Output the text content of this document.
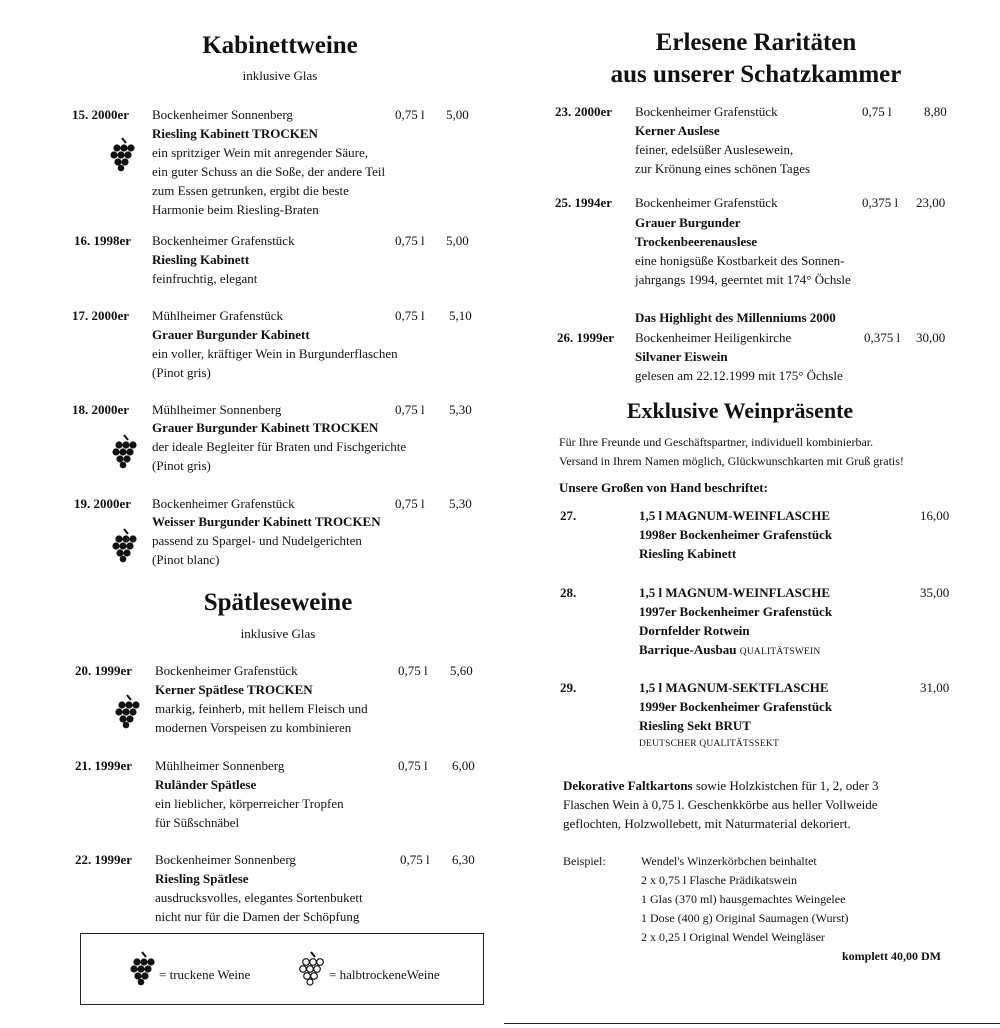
Kabinettweine
inklusive Glas
15. 2000er Bockenheimer Sonnenberg	0,75 l 5,00
Riesling Kabinett TROCKEN
ein spritziger Wein mit anregender Säure,
ein guter Schuss an die Soße, der andere Teil
zum Essen getrunken, ergibt die beste
Harmonie beim Riesling-Braten
16. 1998er Bockenheimer Grafenstück	0,75 l 5,00
Riesling Kabinett
feinfruchtig, elegant
17. 2000er Mühlheimer Grafenstück	0,75 l 5,10
Grauer Burgunder Kabinett
ein voller, kräftiger Wein in Burgunderflaschen
(Pinot gris)
18. 2000er Mühlheimer Sonnenberg	0,75 l 5,30
Grauer Burgunder Kabinett TROCKEN
der ideale Begleiter für Braten und Fischgerichte
(Pinot gris)
19. 2000er Bockenheimer Grafenstück	0,75 l 5,30
Weisser Burgunder Kabinett TROCKEN
passend zu Spargel- und Nudelgerichten
(Pinot blanc)
Spätleseweine
inklusive Glas
20. 1999er Bockenheimer Grafenstück	0,75 l 5,60
Kerner Spätlese TROCKEN
markig, feinherb, mit hellem Fleisch und
modernen Vorspeisen zu kombinieren
21. 1999er Mühlheimer Sonnenberg	0,75 l 6,00
Ruländer Spätlese
ein lieblicher, körperreicher Tropfen
für Süßschnäbel
22. 1999er Bockenheimer Sonnenberg	0,75 l 6,30
Riesling Spätlese
ausdrucksvolles, elegantes Sortenbukett
nicht nur für die Damen der Schöpfung
= truckene Weine	= halbtrockeneWeine
Erlesene Raritäten
aus unserer Schatzkammer
23. 2000er Bockenheimer Grafenstück	0,75 l 8,80
Kerner Auslese
feiner, edelsüßer Auslesewein,
zur Krönung eines schönen Tages
25. 1994er Bockenheimer Grafenstück	0,375 l 23,00
Grauer Burgunder
Trockenbeerenauslese
eine honigsüße Kostbarkeit des Sonnen-
jahrgangs 1994, geerntet mit 174° Öchsle
Das Highlight des Millenniums 2000
26. 1999er Bockenheimer Heiligenkirche	0,375 l 30,00
Silvaner Eiswein
gelesen am 22.12.1999 mit 175° Öchsle
Exklusive Weinpräsente
Für Ihre Freunde und Geschäftspartner, individuell kombinierbar.
Versand in Ihrem Namen möglich, Glückwunschkarten mit Gruß gratis!
Unsere Großen von Hand beschriftet:
27.	1,5 l MAGNUM-WEINFLASCHE
1998er Bockenheimer Grafenstück
Riesling Kabinett
16,00
28.	1,5 l MAGNUM-WEINFLASCHE
1997er Bockenheimer Grafenstück
Dornfelder Rotwein
Barrique-Ausbau QUALITÄTSWEIN
35,00
29.	1,5 l MAGNUM-SEKTFLASCHE
1999er Bockenheimer Grafenstück
Riesling Sekt BRUT
DEUTSCHER QUALITÄTSSEKT
31,00
Dekorative Faltkartons sowie Holzkistchen für 1, 2, oder 3
Flaschen Wein à 0,75 l. Geschenkkörbe aus heller Vollweide
geflochten, Holzwollebett, mit Naturmaterial dekoriert.
Beispiel:	Wendel's Winzerkörbchen beinhaltet
2 x 0,75 l Flasche Prädikatswein
1 Glas (370 ml) hausgemachtes Weingelee
1 Dose (400 g) Original Saumagen (Wurst)
2 x 0,25 l Original Wendel Weingläser
komplett 40,00 DM
